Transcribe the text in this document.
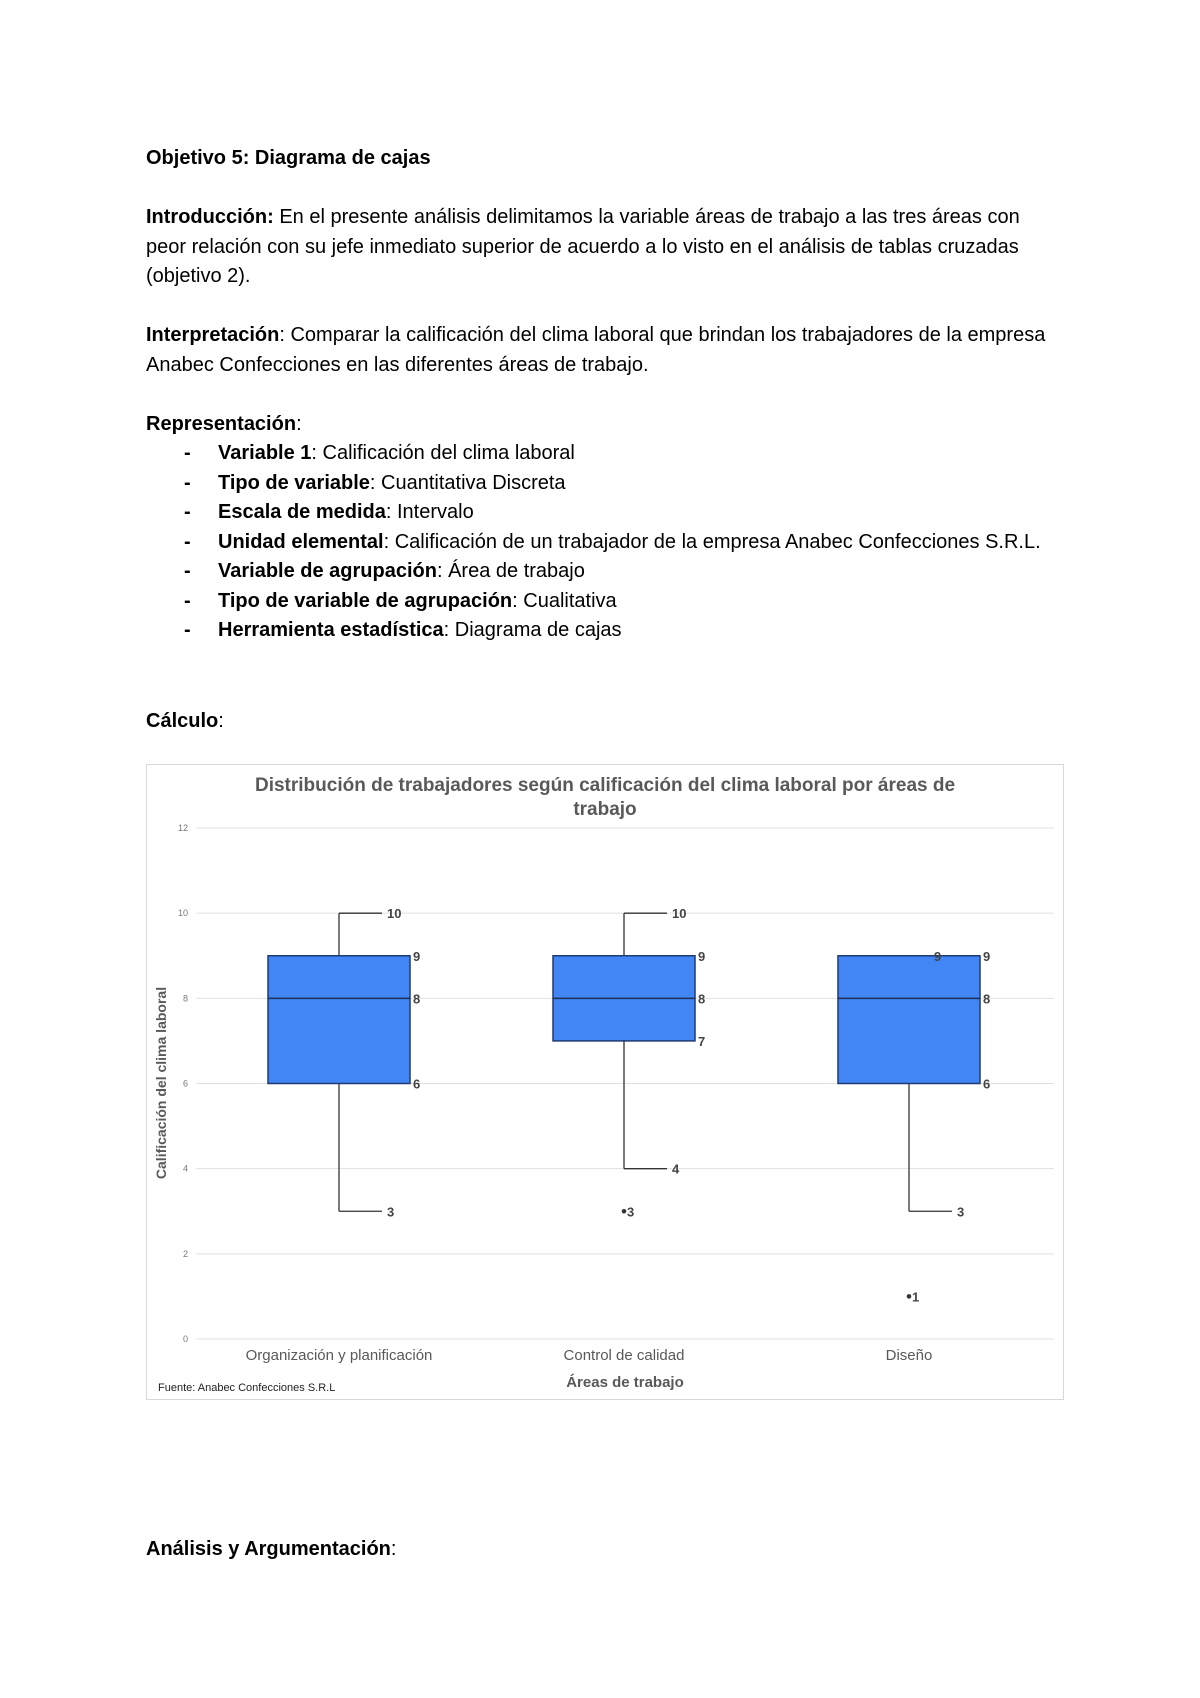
Objetivo 5: Diagrama de cajas

Introducción: En el presente análisis delimitamos la variable áreas de trabajo a las tres áreas con peor relación con su jefe inmediato superior de acuerdo a lo visto en el análisis de tablas cruzadas (objetivo 2).

Interpretación: Comparar la calificación del clima laboral que brindan los trabajadores de la empresa Anabec Confecciones en las diferentes áreas de trabajo.

Representación:

- Variable 1: Calificación del clima laboral
- Tipo de variable: Cuantitativa Discreta
- Escala de medida: Intervalo
- Unidad elemental: Calificación de un trabajador de la empresa Anabec Confecciones S.R.L.
- Variable de agrupación: Área de trabajo
- Tipo de variable de agrupación: Cualitativa
- Herramienta estadística: Diagrama de cajas

Cálculo:

Análisis y Argumentación:

Distribución de trabajadores según calificación del clima laboral por áreas de
trabajo
Calificación del clima laboral
Áreas de trabajo
Fuente: Anabec Confecciones S.R.L
0
2
4
6
8
10
12
10
9
8
6
3
10
9
8
7
4
3
9	9
8
6
3
1
Organización y planificación	Control de calidad	Diseño
